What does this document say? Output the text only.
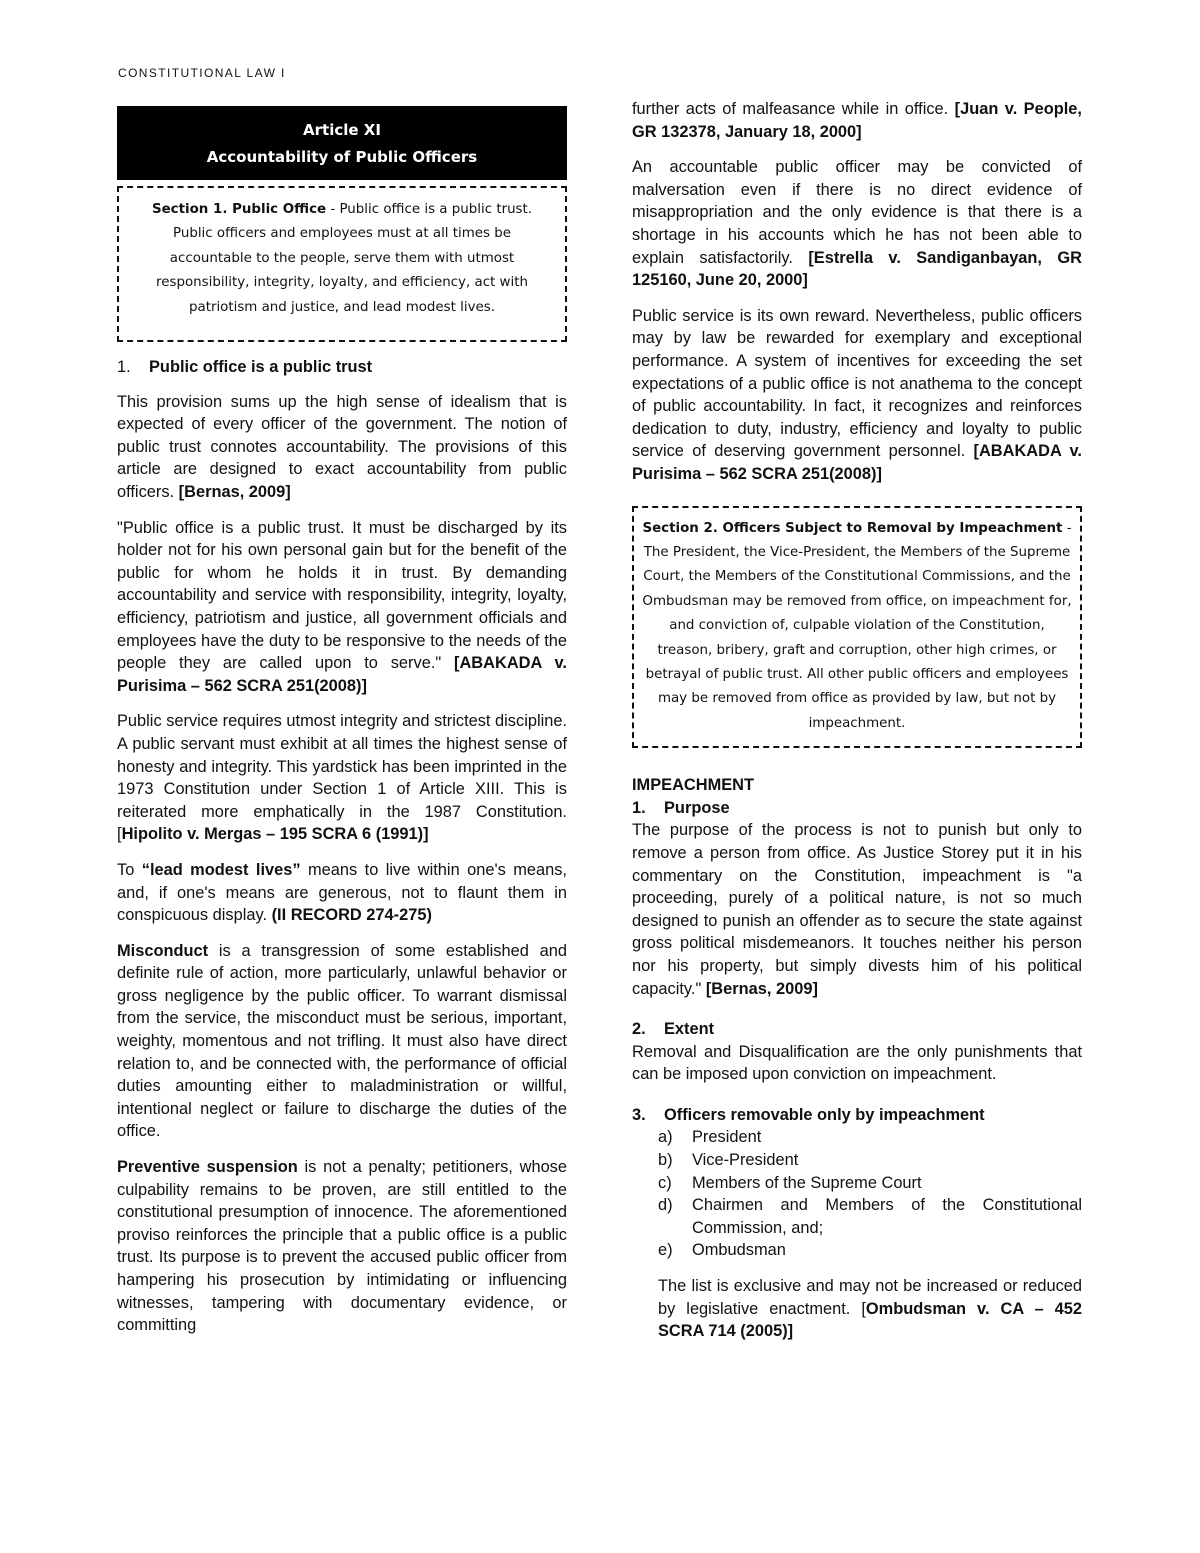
CONSTITUTIONAL LAW I
Article XI
Accountability of Public Officers
Section 1. Public Office - Public office is a public trust. Public officers and employees must at all times be accountable to the people, serve them with utmost responsibility, integrity, loyalty, and efficiency, act with patriotism and justice, and lead modest lives.
1. Public office is a public trust

This provision sums up the high sense of idealism that is expected of every officer of the government. The notion of public trust connotes accountability. The provisions of this article are designed to exact accountability from public officers. [Bernas, 2009]

"Public office is a public trust. It must be discharged by its holder not for his own personal gain but for the benefit of the public for whom he holds it in trust. By demanding accountability and service with responsibility, integrity, loyalty, efficiency, patriotism and justice, all government officials and employees have the duty to be responsive to the needs of the people they are called upon to serve." [ABAKADA v. Purisima – 562 SCRA 251(2008)]

Public service requires utmost integrity and strictest discipline. A public servant must exhibit at all times the highest sense of honesty and integrity. This yardstick has been imprinted in the 1973 Constitution under Section 1 of Article XIII. This is reiterated more emphatically in the 1987 Constitution. [Hipolito v. Mergas – 195 SCRA 6 (1991)]

To “lead modest lives” means to live within one's means, and, if one's means are generous, not to flaunt them in conspicuous display. (II RECORD 274-275)

Misconduct is a transgression of some established and definite rule of action, more particularly, unlawful behavior or gross negligence by the public officer. To warrant dismissal from the service, the misconduct must be serious, important, weighty, momentous and not trifling. It must also have direct relation to, and be connected with, the performance of official duties amounting either to maladministration or willful, intentional neglect or failure to discharge the duties of the office.

Preventive suspension is not a penalty; petitioners, whose culpability remains to be proven, are still entitled to the constitutional presumption of innocence. The aforementioned proviso reinforces the principle that a public office is a public trust. Its purpose is to prevent the accused public officer from hampering his prosecution by intimidating or influencing witnesses, tampering with documentary evidence, or committing

further acts of malfeasance while in office. [Juan v. People, GR 132378, January 18, 2000]

An accountable public officer may be convicted of malversation even if there is no direct evidence of misappropriation and the only evidence is that there is a shortage in his accounts which he has not been able to explain satisfactorily. [Estrella v. Sandiganbayan, GR 125160, June 20, 2000]

Public service is its own reward. Nevertheless, public officers may by law be rewarded for exemplary and exceptional performance. A system of incentives for exceeding the set expectations of a public office is not anathema to the concept of public accountability. In fact, it recognizes and reinforces dedication to duty, industry, efficiency and loyalty to public service of deserving government personnel. [ABAKADA v. Purisima – 562 SCRA 251(2008)]

Section 2. Officers Subject to Removal by Impeachment - The President, the Vice-President, the Members of the Supreme Court, the Members of the Constitutional Commissions, and the Ombudsman may be removed from office, on impeachment for, and conviction of, culpable violation of the Constitution, treason, bribery, graft and corruption, other high crimes, or betrayal of public trust. All other public officers and employees may be removed from office as provided by law, but not by impeachment.
IMPEACHMENT
1. Purpose

The purpose of the process is not to punish but only to remove a person from office. As Justice Storey put it in his commentary on the Constitution, impeachment is "a proceeding, purely of a political nature, is not so much designed to punish an offender as to secure the state against gross political misdemeanors. It touches neither his person nor his property, but simply divests him of his political capacity." [Bernas, 2009]

2. Extent

Removal and Disqualification are the only punishments that can be imposed upon conviction on impeachment.

3. Officers removable only by impeachment
a) President
b) Vice-President
c) Members of the Supreme Court
d) Chairmen and Members of the Constitutional Commission, and;
e) Ombudsman

The list is exclusive and may not be increased or reduced by legislative enactment. [Ombudsman v. CA – 452 SCRA 714 (2005)]
